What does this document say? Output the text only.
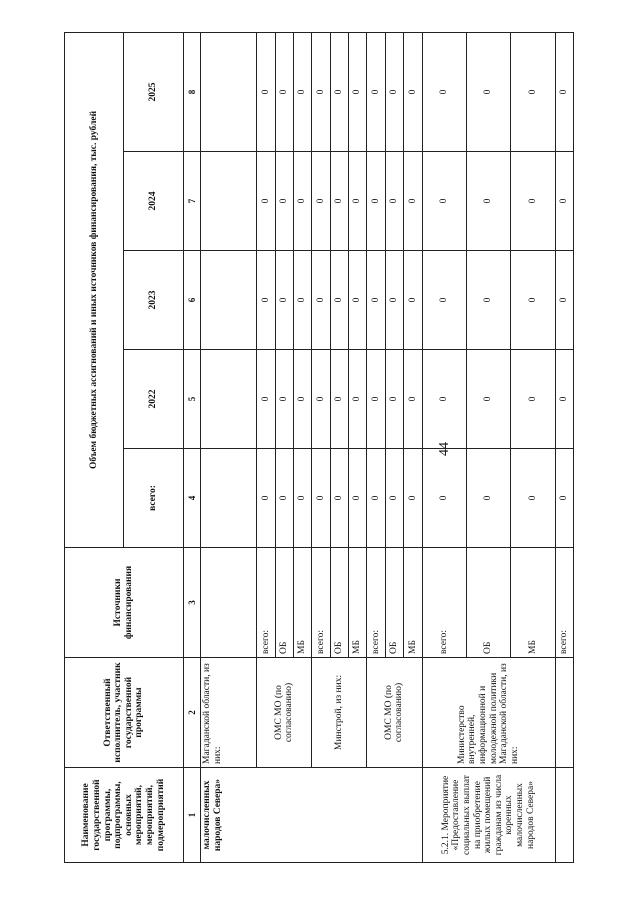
44
Наименование государственной программы, подпрограммы, основных мероприятий, мероприятий, подмероприятий	Ответственный исполнитель, участник государственной программы	Источники финансирования	Объем бюджетных ассигнований и иных источников финансирования, тыс. рублей				
			всего:	2022	2023	2024	2025
1	2	3	4	5	6	7	8
малочисленных народов Севера»	Магаданской области, из них:						
	ОМС МО (по согласованию)	всего:	0	0	0	0	0
		ОБ	0	0	0	0	0
		МБ	0	0	0	0	0
	Минстрой, из них:	всего:	0	0	0	0	0
		ОБ	0	0	0	0	0
		МБ	0	0	0	0	0
	ОМС МО (по согласованию)	всего:	0	0	0	0	0
		ОБ	0	0	0	0	0
		МБ	0	0	0	0	0
5.2.1. Мероприятие «Предоставление социальных выплат на приобретение жилых помещений гражданам из числа коренных малочисленных народов Севера»	Министерство внутренней, информационной и молодежной политики Магаданской области, из них:	всего:	0	0	0	0	0
		ОБ	0	0	0	0	0
		МБ	0	0	0	0	0
		всего:	0	0	0	0	0
